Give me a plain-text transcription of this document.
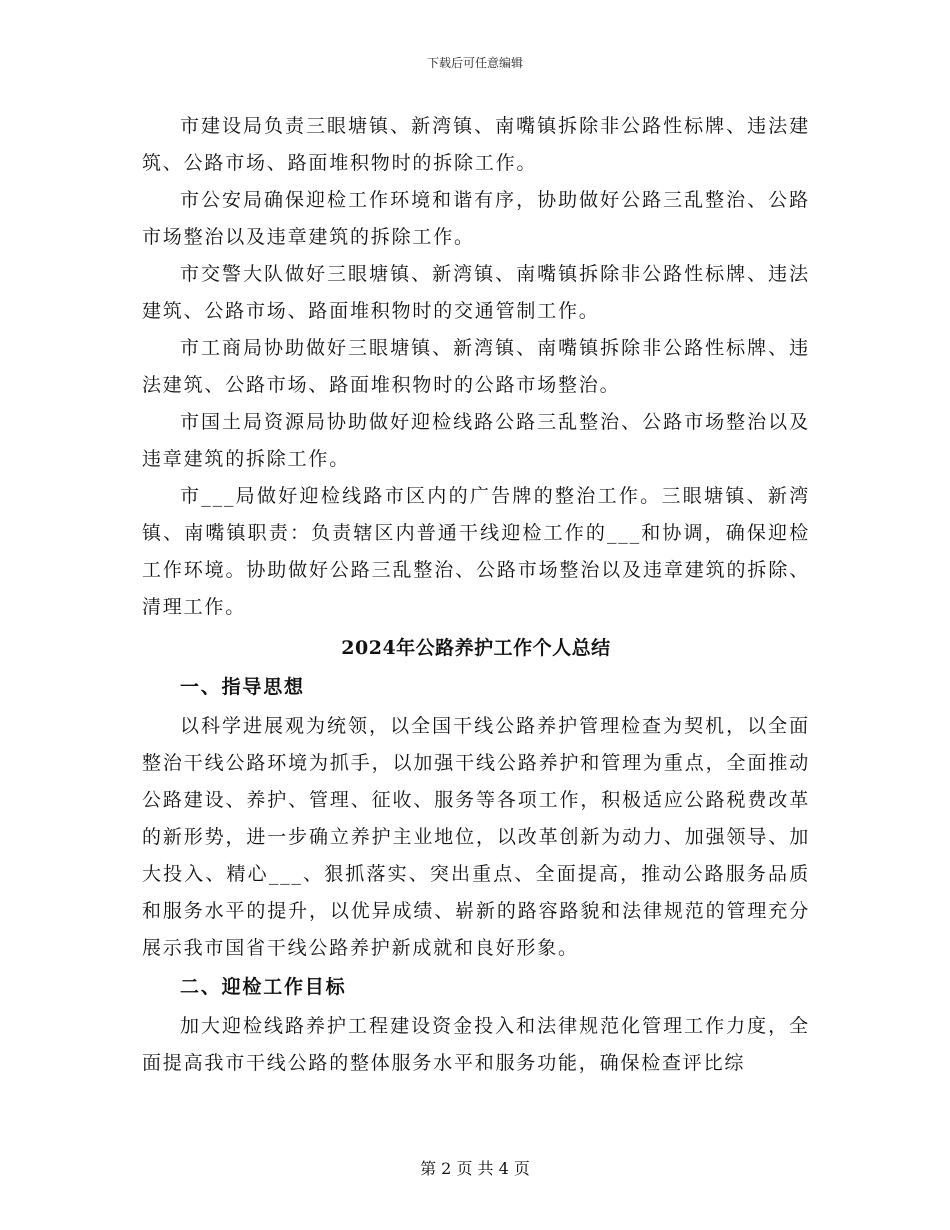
下载后可任意编辑

市建设局负责三眼塘镇、新湾镇、南嘴镇拆除非公路性标牌、违法建筑、公路市场、路面堆积物时的拆除工作。

市公安局确保迎检工作环境和谐有序，协助做好公路三乱整治、公路市场整治以及违章建筑的拆除工作。

市交警大队做好三眼塘镇、新湾镇、南嘴镇拆除非公路性标牌、违法建筑、公路市场、路面堆积物时的交通管制工作。

市工商局协助做好三眼塘镇、新湾镇、南嘴镇拆除非公路性标牌、违法建筑、公路市场、路面堆积物时的公路市场整治。

市国土局资源局协助做好迎检线路公路三乱整治、公路市场整治以及违章建筑的拆除工作。

市___局做好迎检线路市区内的广告牌的整治工作。三眼塘镇、新湾镇、南嘴镇职责：负责辖区内普通干线迎检工作的___和协调，确保迎检工作环境。协助做好公路三乱整治、公路市场整治以及违章建筑的拆除、清理工作。

2024年公路养护工作个人总结
一、指导思想

以科学进展观为统领，以全国干线公路养护管理检查为契机，以全面整治干线公路环境为抓手，以加强干线公路养护和管理为重点，全面推动公路建设、养护、管理、征收、服务等各项工作，积极适应公路税费改革的新形势，进一步确立养护主业地位，以改革创新为动力、加强领导、加大投入、精心___、狠抓落实、突出重点、全面提高，推动公路服务品质和服务水平的提升，以优异成绩、崭新的路容路貌和法律规范的管理充分展示我市国省干线公路养护新成就和良好形象。

二、迎检工作目标

加大迎检线路养护工程建设资金投入和法律规范化管理工作力度，全面提高我市干线公路的整体服务水平和服务功能，确保检查评比综

第 2 页 共 4 页
